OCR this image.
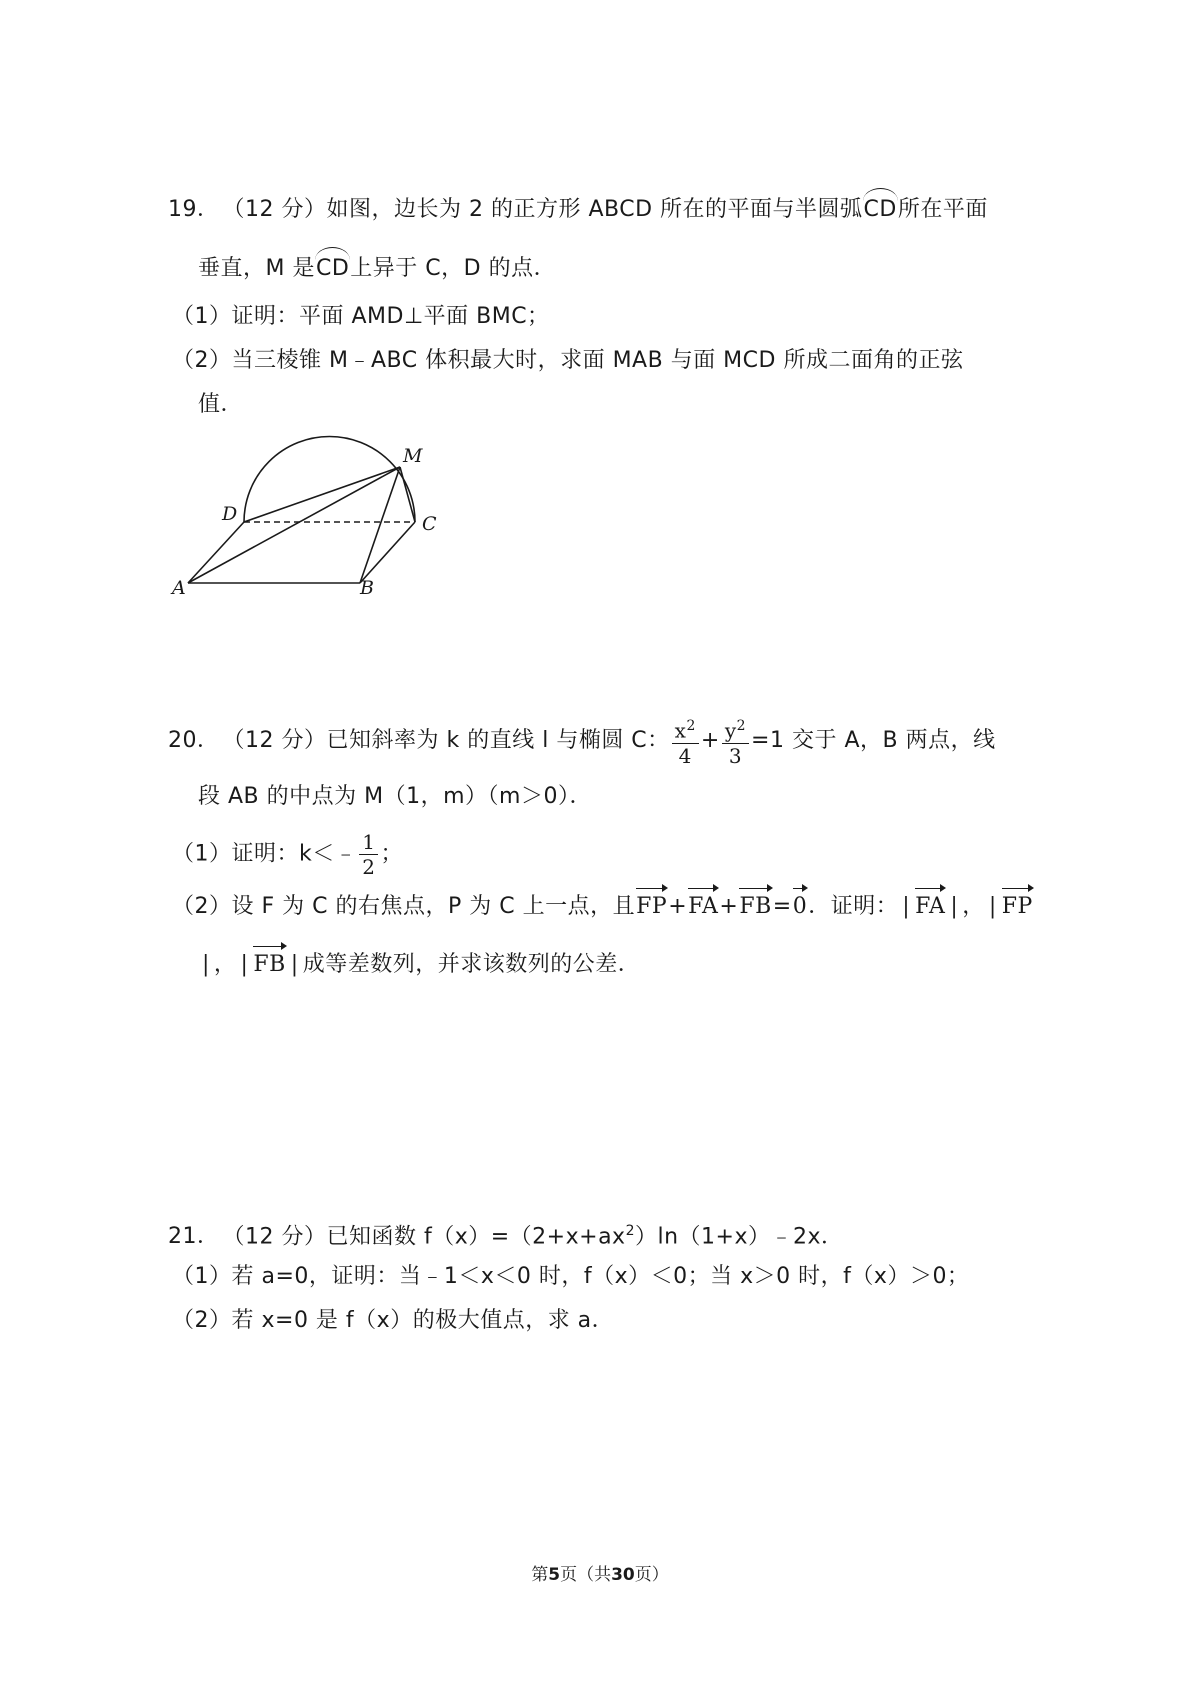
19． （12 分）如图，边长为 2 的正方形 ABCD 所在的平面与半圆弧CD所在平面
垂直，M 是CD上异于 C，D 的点．
（1）证明：平面 AMD⊥平面 BMC；
（2）当三棱锥 M﹣ABC 体积最大时，求面 MAB 与面 MCD 所成二面角的正弦
值．
M
D	C
A	B
20． （12 分）已知斜率为 k 的直线 l 与椭圆 C： $\frac{x^2}{4} + \frac{y^2}{3} =1$ 交于 A，B 两点，线
段 AB 的中点为 M（1，m）（m＞0）．
（1）证明：k＜﹣ $\frac{1}{2}$ ；
（2）设 F 为 C 的右焦点，P 为 C 上一点，且FP+FA+FB=0．证明： | FA | ， | FP
| ， | FB | 成等差数列，并求该数列的公差．
21． （12 分）已知函数 $f(x)=(2+x+ax^2)\ln(1+x)﹣2x$．
（1）若 a=0，证明：当﹣1＜x＜0 时，f（x）＜0；当 x＞0 时，f（x）＞0；
（2）若 x=0 是 f（x）的极大值点，求 a．
第5页（共30页）
